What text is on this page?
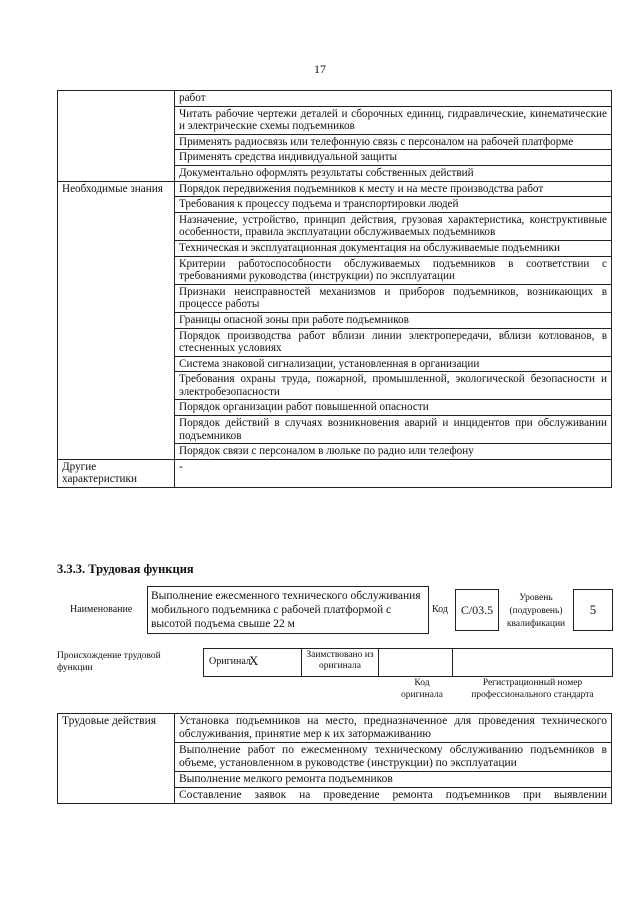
17
	работ
	Читать рабочие чертежи деталей и сборочных единиц, гидравлические, кинематические и электрические схемы подъемников
	Применять радиосвязь или телефонную связь с персоналом на рабочей платформе
	Применять средства индивидуальной защиты
	Документально оформлять результаты собственных действий
Необходимые знания	Порядок передвижения подъемников к месту и на месте производства работ
	Требования к процессу подъема и транспортировки людей
	Назначение, устройство, принцип действия, грузовая характеристика, конструктивные особенности, правила эксплуатации обслуживаемых подъемников
	Техническая и эксплуатационная документация на обслуживаемые подъемники
	Критерии работоспособности обслуживаемых подъемников в соответствии с требованиями руководства (инструкции) по эксплуатации
	Признаки неисправностей механизмов и приборов подъемников, возникающих в процессе работы
	Границы опасной зоны при работе подъемников
	Порядок производства работ вблизи линии электропередачи, вблизи котлованов, в стесненных условиях
	Система знаковой сигнализации, установленная в организации
	Требования охраны труда, пожарной, промышленной, экологической безопасности и электробезопасности
	Порядок организации работ повышенной опасности
	Порядок действий в случаях возникновения аварий и инцидентов при обслуживании подъемников
	Порядок связи с персоналом в люльке по радио или телефону
Другие характеристики	-
3.3.3. Трудовая функция
Наименование
Выполнение ежесменного технического обслуживания мобильного подъемника с рабочей платформой с высотой подъема свыше 22 м
Код	C/03.5
Уровень (подуровень) квалификации
5
Происхождение трудовой функции
Оригинал
X	Заимствовано из оригинала
Код оригинала
Регистрационный номер профессионального стандарта
Трудовые действия	Установка подъемников на место, предназначенное для проведения технического обслуживания, принятие мер к их затормаживанию
Выполнение работ по ежесменному техническому обслуживанию подъемников в объеме, установленном в руководстве (инструкции) по эксплуатации
Выполнение мелкого ремонта подъемников
Составление заявок на проведение ремонта подъемников при выявлении
